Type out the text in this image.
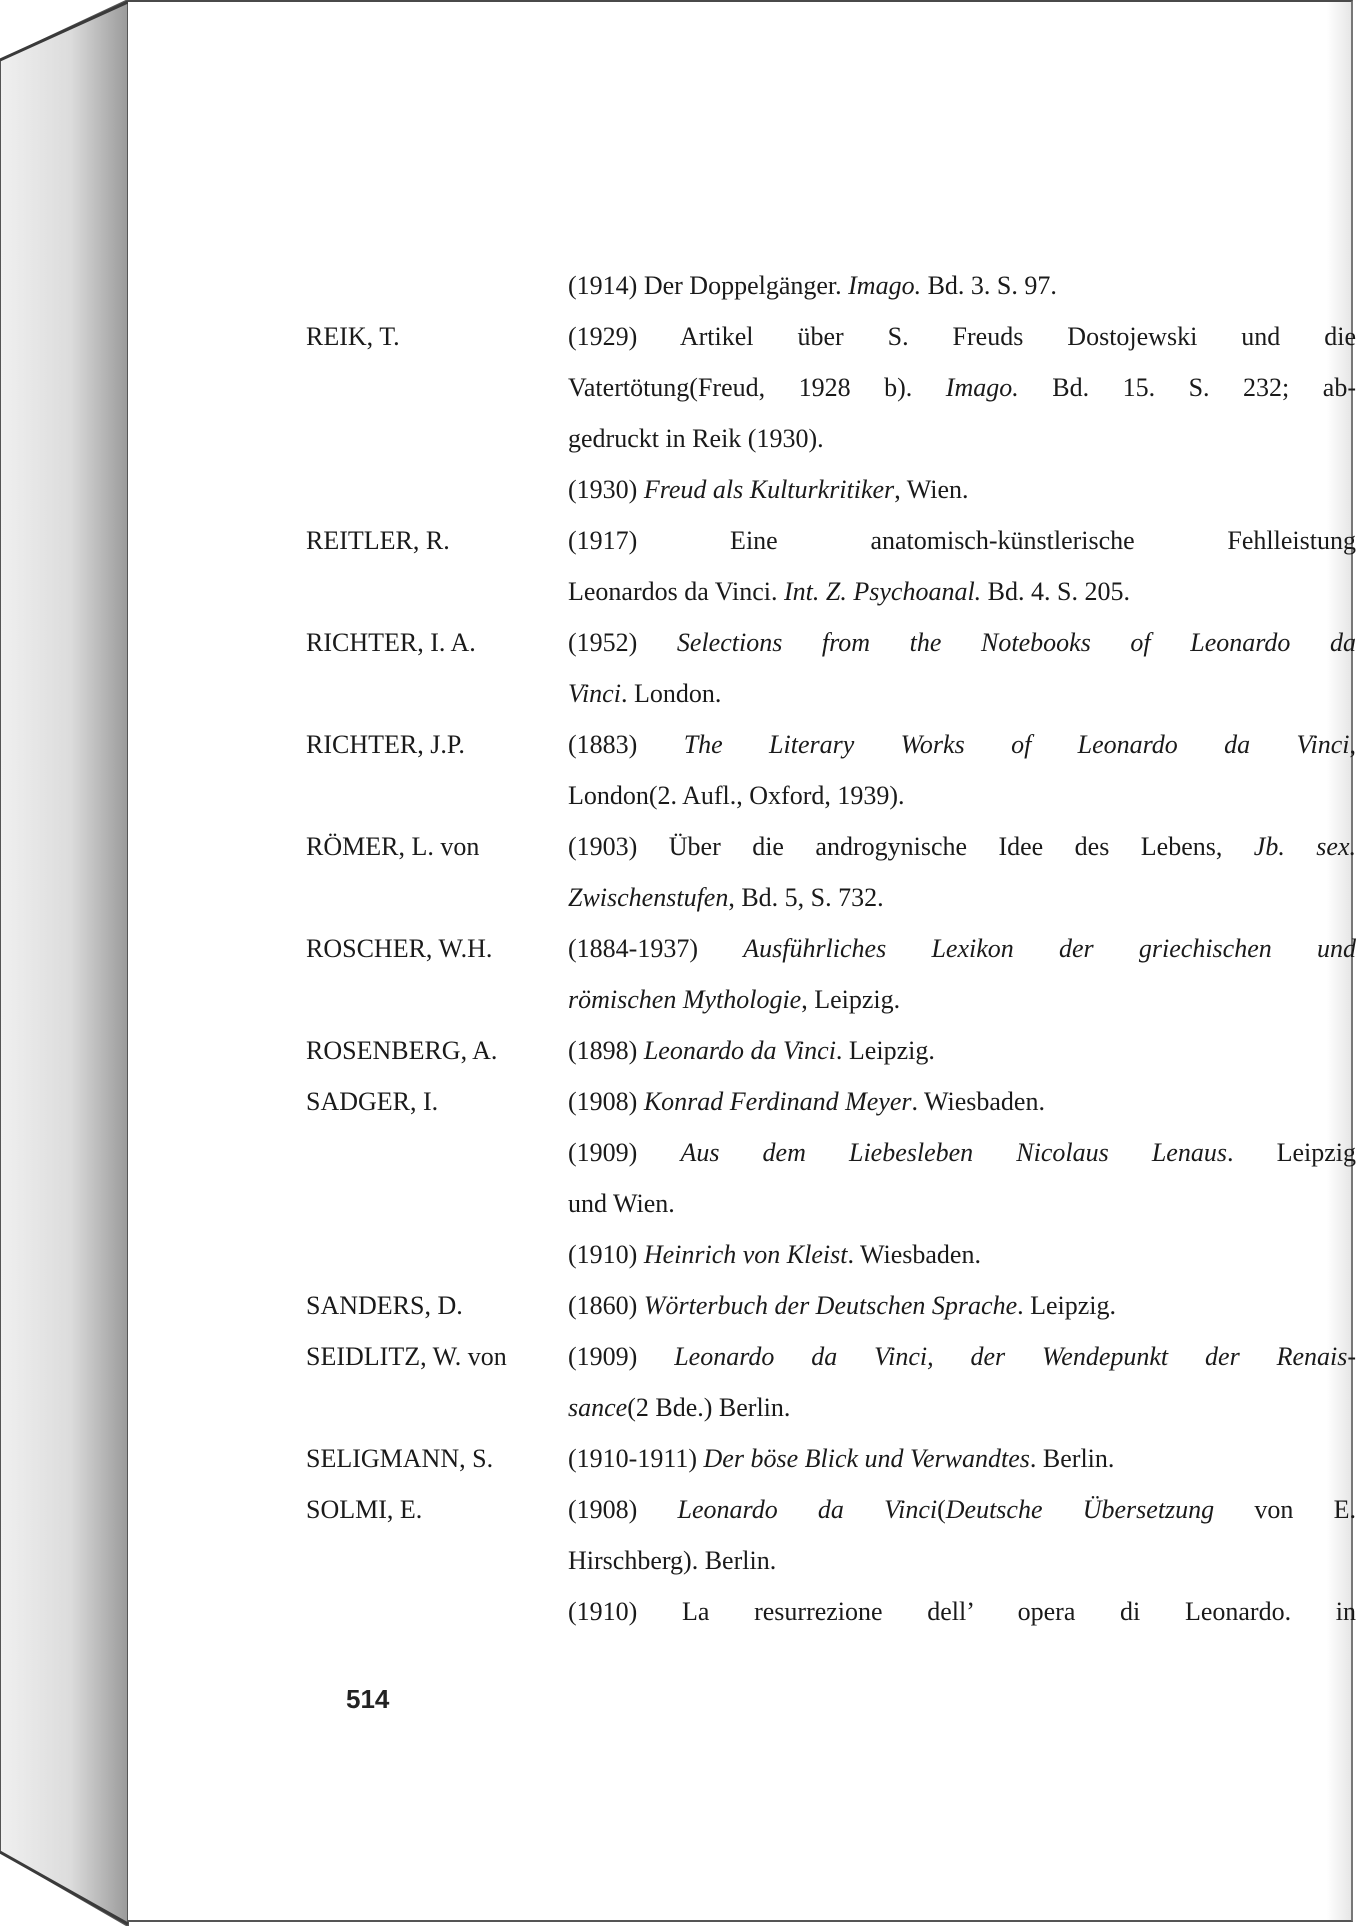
(1914) Der Doppelgänger. Imago. Bd. 3. S. 97.
REIK, T.	(1929) Artikel über S. Freuds Dostojewski und die
Vatertötung(Freud, 1928 b). Imago. Bd. 15. S. 232; ab-
gedruckt in Reik (1930).
(1930) Freud als Kulturkritiker, Wien.
REITLER, R.	(1917) Eine anatomisch-künstlerische Fehlleistung
Leonardos da Vinci. Int. Z. Psychoanal. Bd. 4. S. 205.
RICHTER, I. A.	(1952) Selections from the Notebooks of Leonardo da
Vinci. London.
RICHTER, J.P.	(1883) The Literary Works of Leonardo da Vinci,
London(2. Aufl., Oxford, 1939).
RÖMER, L. von	(1903) Über die androgynische Idee des Lebens, Jb. sex.
Zwischenstufen, Bd. 5, S. 732.
ROSCHER, W.H.	(1884-1937) Ausführliches Lexikon der griechischen und
römischen Mythologie, Leipzig.
ROSENBERG, A.	(1898) Leonardo da Vinci. Leipzig.
SADGER, I.	(1908) Konrad Ferdinand Meyer. Wiesbaden.
(1909) Aus dem Liebesleben Nicolaus Lenaus. Leipzig
und Wien.
(1910) Heinrich von Kleist. Wiesbaden.
SANDERS, D.	(1860) Wörterbuch der Deutschen Sprache. Leipzig.
SEIDLITZ, W. von (1909) Leonardo da Vinci, der Wendepunkt der Renais-
sance(2 Bde.) Berlin.
SELIGMANN, S.	(1910-1911) Der böse Blick und Verwandtes. Berlin.
SOLMI, E.	(1908) Leonardo da Vinci(Deutsche Übersetzung von E.
Hirschberg). Berlin.
(1910) La resurrezione dell’ opera di Leonardo. in
514
